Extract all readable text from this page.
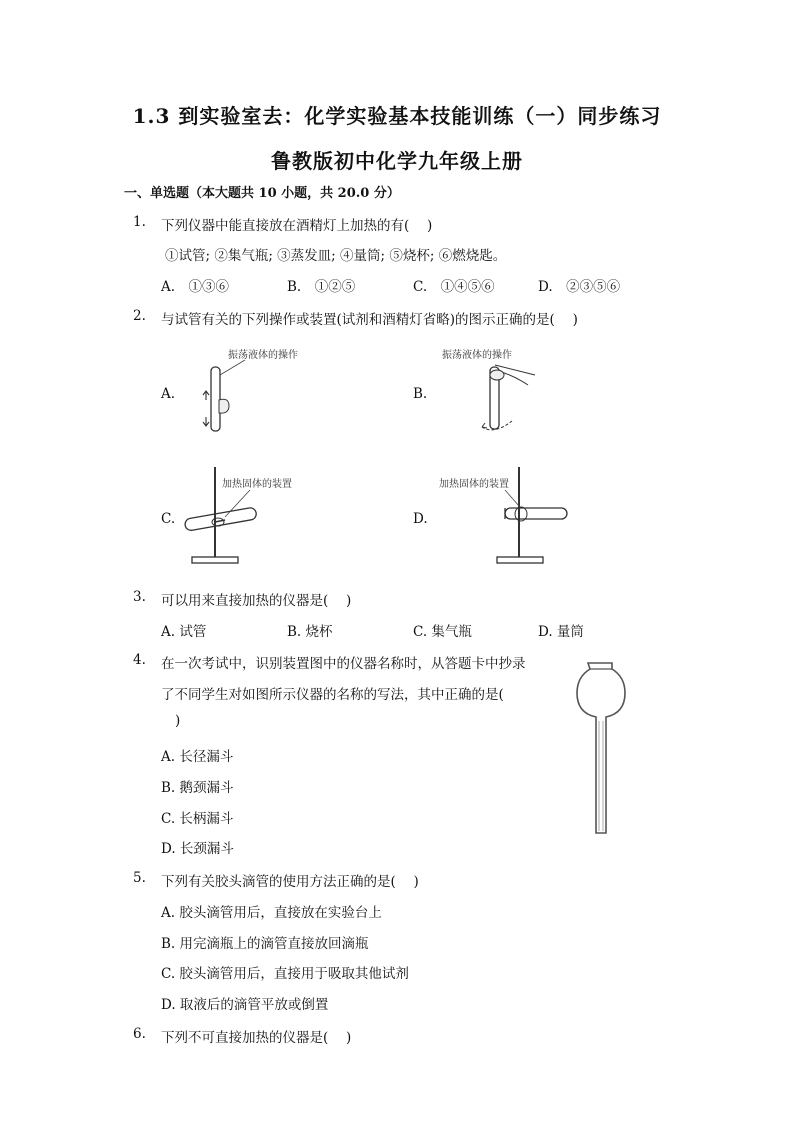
1.3 到实验室去：化学实验基本技能训练（一）同步练习
鲁教版初中化学九年级上册
一、单选题（本大题共 10 小题，共 20.0 分）
1. 下列仪器中能直接放在酒精灯上加热的有(　 )
①试管; ②集气瓶; ③蒸发皿; ④量筒; ⑤烧杯; ⑥燃烧匙。
A.　①③⑥	B.　①②⑤	C.　①④⑤⑥	D.　②③⑤⑥
2. 与试管有关的下列操作或装置(试剂和酒精灯省略)的图示正确的是(　 )
A.	B.
C.	D.
振荡液体的操作	振荡液体的操作
加热固体的装置	加热固体的装置
3. 可以用来直接加热的仪器是(　 )
A. 试管	B. 烧杯	C. 集气瓶	D. 量筒
4. 在一次考试中，识别装置图中的仪器名称时，从答题卡中抄录
了不同学生对如图所示仪器的名称的写法，其中正确的是(
)
A. 长径漏斗
B. 鹅颈漏斗
C. 长柄漏斗
D. 长颈漏斗
5. 下列有关胶头滴管的使用方法正确的是(　 )
A. 胶头滴管用后，直接放在实验台上
B. 用完滴瓶上的滴管直接放回滴瓶
C. 胶头滴管用后，直接用于吸取其他试剂
D. 取液后的滴管平放或倒置
6. 下列不可直接加热的仪器是(　 )
